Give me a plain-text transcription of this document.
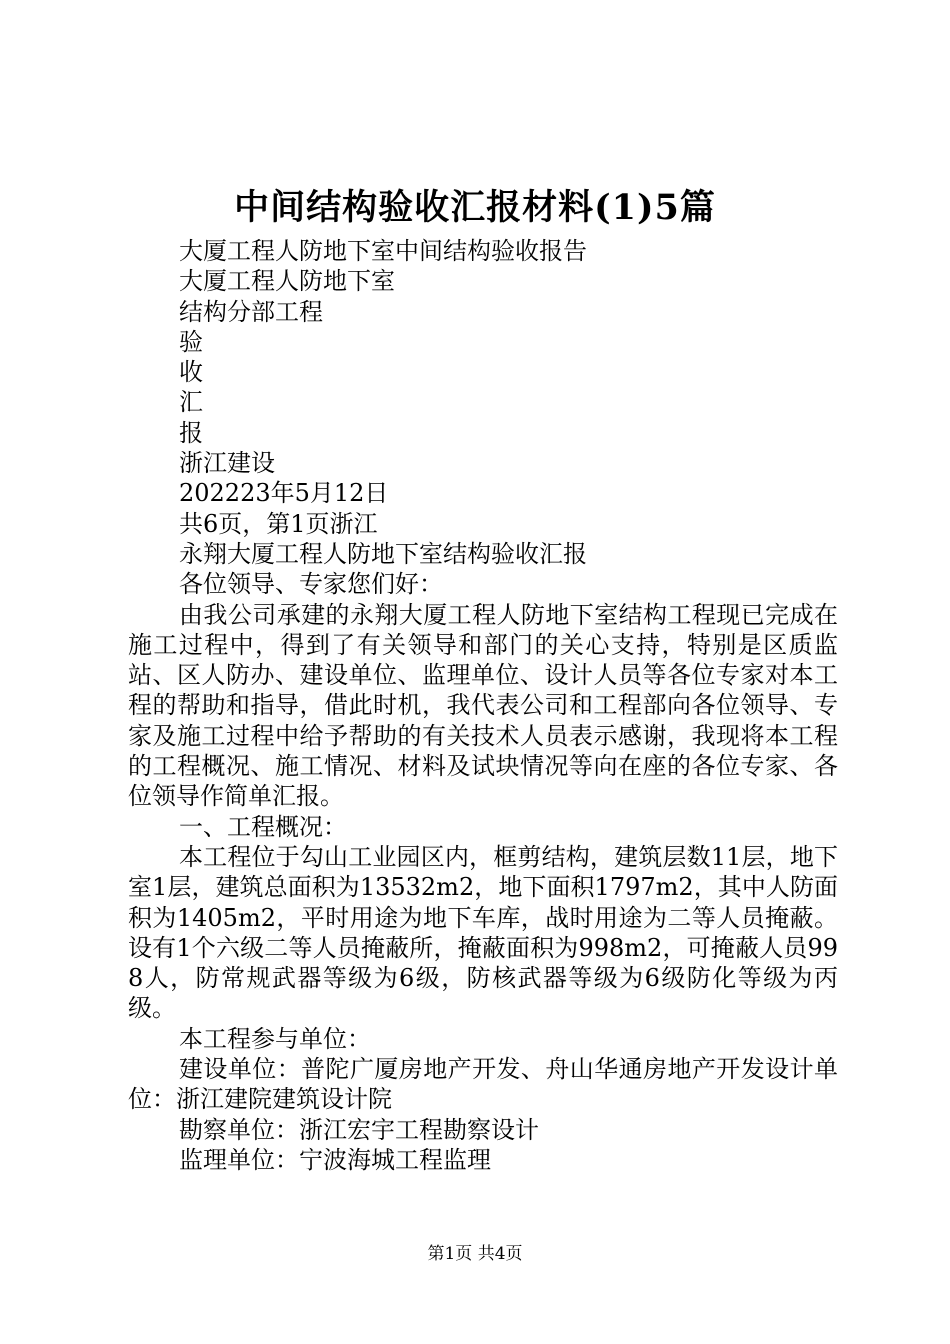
中间结构验收汇报材料(1)5篇
大厦工程人防地下室中间结构验收报告
大厦工程人防地下室
结构分部工程
验
收
汇
报
浙江建设
202223年5月12日
共6页，第1页浙江
永翔大厦工程人防地下室结构验收汇报
各位领导、专家您们好：
由我公司承建的永翔大厦工程人防地下室结构工程现已完成在施工过程中，得到了有关领导和部门的关心支持，特别是区质监站、区人防办、建设单位、监理单位、设计人员等各位专家对本工程的帮助和指导，借此时机，我代表公司和工程部向各位领导、专家及施工过程中给予帮助的有关技术人员表示感谢，我现将本工程的工程概况、施工情况、材料及试块情况等向在座的各位专家、各位领导作简单汇报。
一、工程概况：
本工程位于勾山工业园区内，框剪结构，建筑层数11层，地下室1层，建筑总面积为13532m2，地下面积1797m2，其中人防面积为1405m2，平时用途为地下车库，战时用途为二等人员掩蔽。设有1个六级二等人员掩蔽所，掩蔽面积为998m2，可掩蔽人员998人，防常规武器等级为6级，防核武器等级为6级防化等级为丙级。
本工程参与单位：
建设单位：普陀广厦房地产开发、舟山华通房地产开发设计单位：浙江建院建筑设计院
勘察单位：浙江宏宇工程勘察设计
监理单位：宁波海城工程监理
第1页 共4页
